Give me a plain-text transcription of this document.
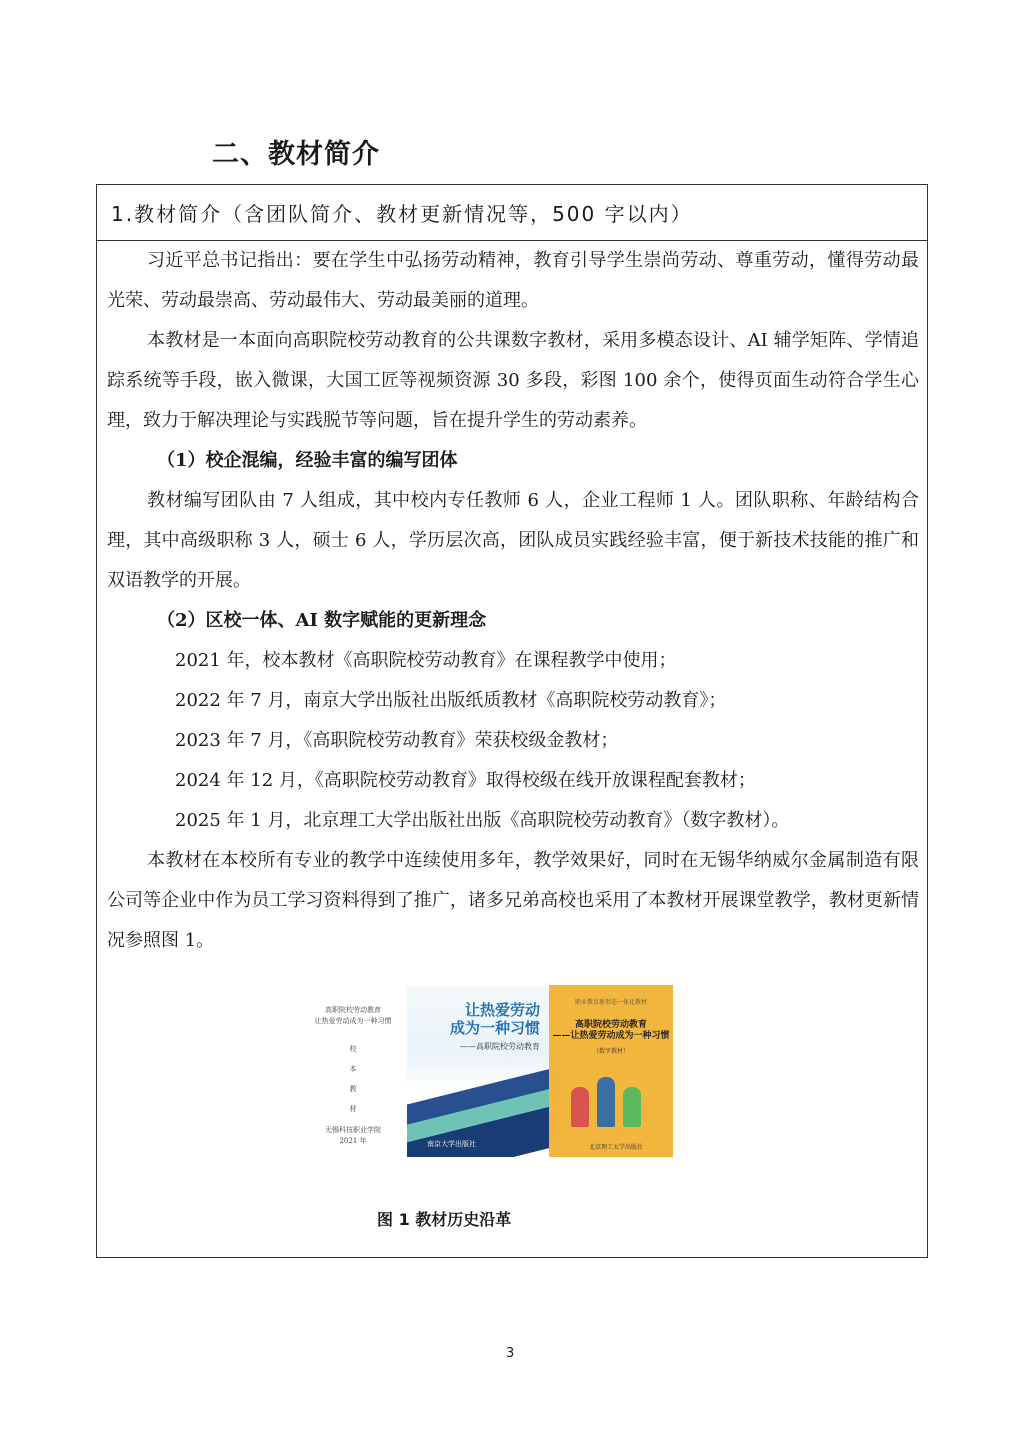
二、教材简介
1.教材简介（含团队简介、教材更新情况等，500 字以内）

习近平总书记指出：要在学生中弘扬劳动精神，教育引导学生崇尚劳动、尊重劳动，懂得劳动最光荣、劳动最崇高、劳动最伟大、劳动最美丽的道理。

本教材是一本面向高职院校劳动教育的公共课数字教材，采用多模态设计、AI 辅学矩阵、学情追踪系统等手段，嵌入微课，大国工匠等视频资源 30 多段，彩图 100 余个，使得页面生动符合学生心理，致力于解决理论与实践脱节等问题，旨在提升学生的劳动素养。

（1）校企混编，经验丰富的编写团体

教材编写团队由 7 人组成，其中校内专任教师 6 人，企业工程师 1 人。团队职称、年龄结构合理，其中高级职称 3 人，硕士 6 人，学历层次高，团队成员实践经验丰富，便于新技术技能的推广和双语教学的开展。

（2）区校一体、AI 数字赋能的更新理念

2021 年，校本教材《高职院校劳动教育》在课程教学中使用；

2022 年 7 月，南京大学出版社出版纸质教材《高职院校劳动教育》；

2023 年 7 月，《高职院校劳动教育》荣获校级金教材；

2024 年 12 月，《高职院校劳动教育》取得校级在线开放课程配套教材；

2025 年 1 月，北京理工大学出版社出版《高职院校劳动教育》（数字教材）。

本教材在本校所有专业的教学中连续使用多年，教学效果好，同时在无锡华纳威尔金属制造有限公司等企业中作为员工学习资料得到了推广，诸多兄弟高校也采用了本教材开展课堂教学，教材更新情况参照图 1。

高职院校劳动教育
让热爱劳动成为一种习惯
校
本
教
材
无锡科技职业学院
2021 年
让热爱劳动
成为一种习惯
——高职院校劳动教育
南京大学出版社
职业教育新形态一体化教材
高职院校劳动教育
——让热爱劳动成为一种习惯
（数字教材）
北京理工大学出版社
图 1 教材历史沿革
3
